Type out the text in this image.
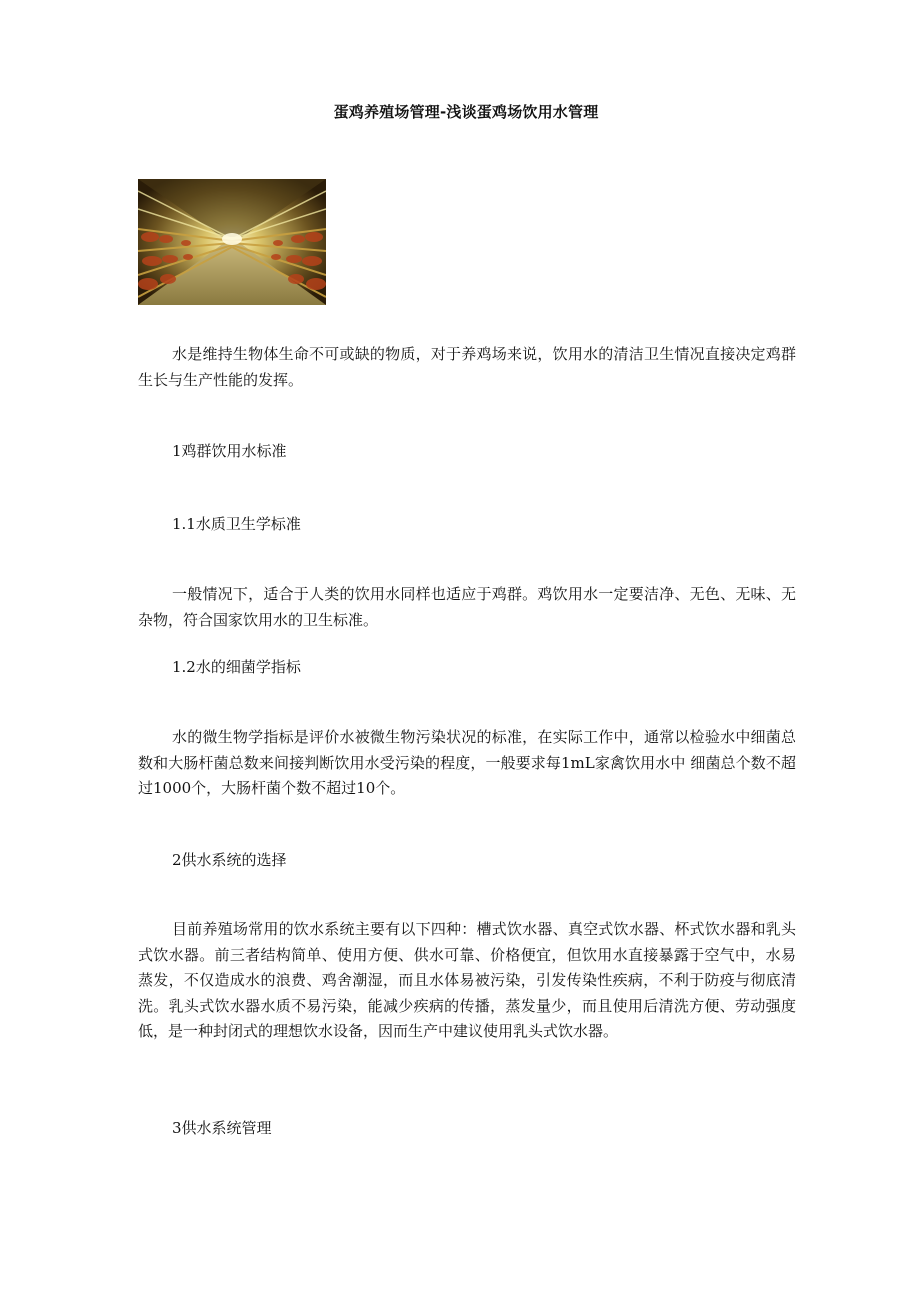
蛋鸡养殖场管理-浅谈蛋鸡场饮用水管理

水是维持生物体生命不可或缺的物质，对于养鸡场来说，饮用水的清洁卫生情况直接决定鸡群生长与生产性能的发挥。

1鸡群饮用水标准

1.1水质卫生学标准

一般情况下，适合于人类的饮用水同样也适应于鸡群。鸡饮用水一定要洁净、无色、无味、无杂物，符合国家饮用水的卫生标准。

1.2水的细菌学指标

水的微生物学指标是评价水被微生物污染状况的标准，在实际工作中，通常以检验水中细菌总数和大肠杆菌总数来间接判断饮用水受污染的程度，一般要求每1mL家禽饮用水中 细菌总个数不超过1000个，大肠杆菌个数不超过10个。

2供水系统的选择

目前养殖场常用的饮水系统主要有以下四种：槽式饮水器、真空式饮水器、杯式饮水器和乳头式饮水器。前三者结构简单、使用方便、供水可靠、价格便宜，但饮用水直接暴露于空气中，水易蒸发，不仅造成水的浪费、鸡舍潮湿，而且水体易被污染，引发传染性疾病，不利于防疫与彻底清洗。乳头式饮水器水质不易污染，能减少疾病的传播，蒸发量少，而且使用后清洗方便、劳动强度低，是一种封闭式的理想饮水设备，因而生产中建议使用乳头式饮水器。

3供水系统管理
